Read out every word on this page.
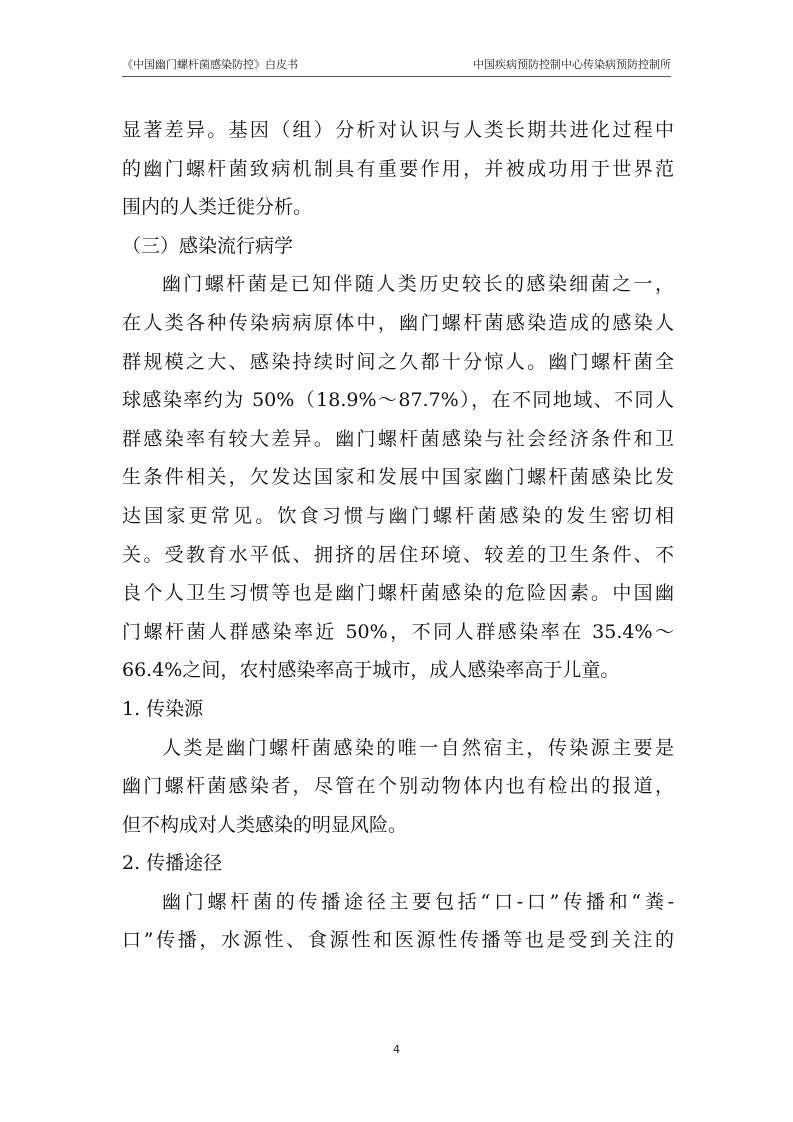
《中国幽门螺杆菌感染防控》白皮书	中国疾病预防控制中心传染病预防控制所
显著差异。基因（组）分析对认识与人类长期共进化过程中
的幽门螺杆菌致病机制具有重要作用，并被成功用于世界范
围内的人类迁徙分析。
（三）感染流行病学
幽门螺杆菌是已知伴随人类历史较长的感染细菌之一，
在人类各种传染病病原体中，幽门螺杆菌感染造成的感染人
群规模之大、感染持续时间之久都十分惊人。幽门螺杆菌全
球感染率约为 50%（18.9%～87.7%），在不同地域、不同人
群感染率有较大差异。幽门螺杆菌感染与社会经济条件和卫
生条件相关，欠发达国家和发展中国家幽门螺杆菌感染比发
达国家更常见。饮食习惯与幽门螺杆菌感染的发生密切相
关。受教育水平低、拥挤的居住环境、较差的卫生条件、不
良个人卫生习惯等也是幽门螺杆菌感染的危险因素。中国幽
门螺杆菌人群感染率近 50%，不同人群感染率在 35.4%～
66.4%之间，农村感染率高于城市，成人感染率高于儿童。
1. 传染源
人类是幽门螺杆菌感染的唯一自然宿主，传染源主要是
幽门螺杆菌感染者，尽管在个别动物体内也有检出的报道，
但不构成对人类感染的明显风险。
2. 传播途径
幽门螺杆菌的传播途径主要包括“口-口”传播和“粪-
口”传播，水源性、食源性和医源性传播等也是受到关注的
4
